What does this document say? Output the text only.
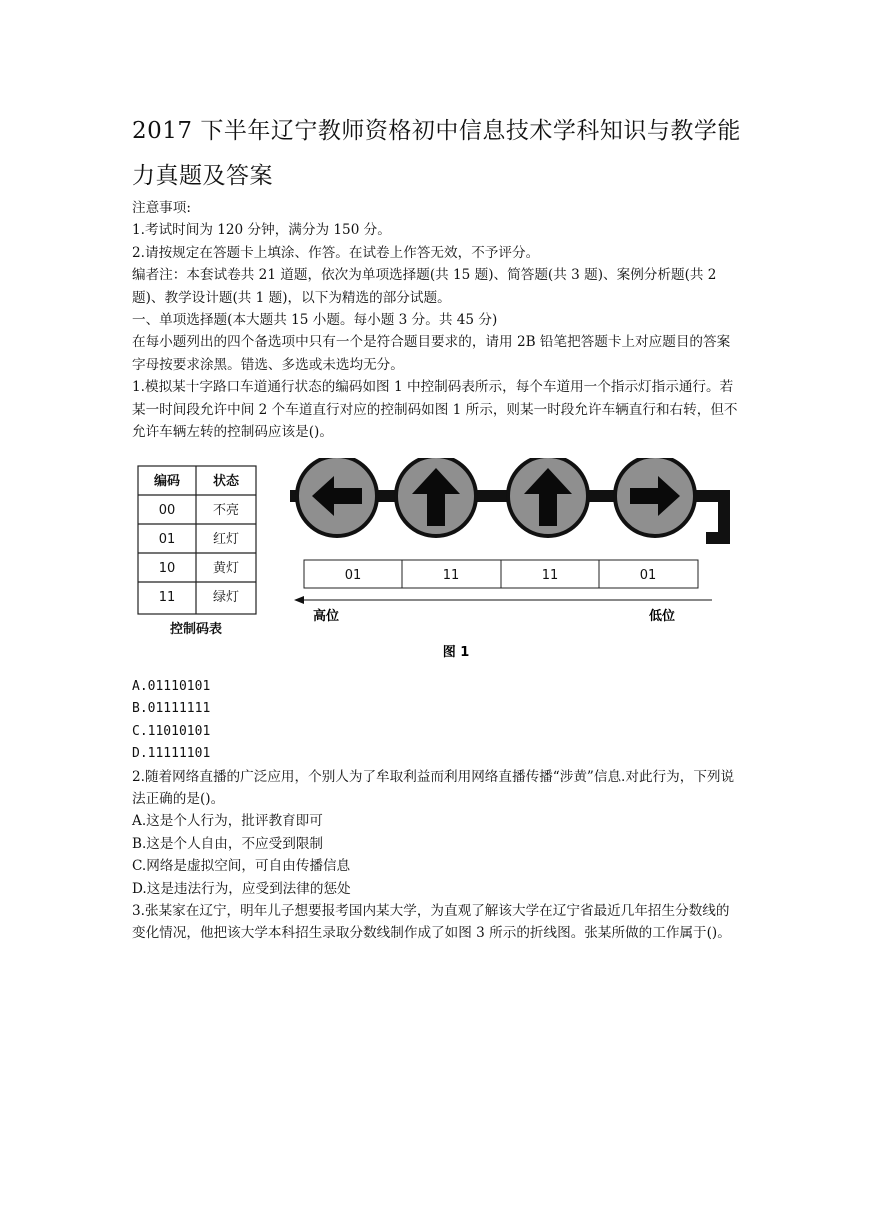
2017 下半年辽宁教师资格初中信息技术学科知识与教学能
力真题及答案

注意事项:

1.考试时间为 120 分钟，满分为 150 分。

2.请按规定在答题卡上填涂、作答。在试卷上作答无效，不予评分。

编者注：本套试卷共 21 道题，依次为单项选择题(共 15 题)、简答题(共 3 题)、案例分析题(共 2 题)、教学设计题(共 1 题)，以下为精选的部分试题。

一、单项选择题(本大题共 15 小题。每小题 3 分。共 45 分)

在每小题列出的四个备选项中只有一个是符合题目要求的，请用 2B 铅笔把答题卡上对应题目的答案字母按要求涂黑。错选、多选或未选均无分。

1.模拟某十字路口车道通行状态的编码如图 1 中控制码表所示，每个车道用一个指示灯指示通行。若某一时间段允许中间 2 个车道直行对应的控制码如图 1 所示，则某一时段允许车辆直行和右转，但不允许车辆左转的控制码应该是()。

编码	状态
00	不亮
01	红灯
10	黄灯
11	绿灯
控制码表
01	11	11	01
高位	低位
图 1

A.01110101

B.01111111

C.11010101

D.11111101

2.随着网络直播的广泛应用，个别人为了牟取利益而利用网络直播传播“涉黄”信息.对此行为，下列说法正确的是()。

A.这是个人行为，批评教育即可

B.这是个人自由，不应受到限制

C.网络是虚拟空间，可自由传播信息

D.这是违法行为，应受到法律的惩处

3.张某家在辽宁，明年儿子想要报考国内某大学，为直观了解该大学在辽宁省最近几年招生分数线的变化情况，他把该大学本科招生录取分数线制作成了如图 3 所示的折线图。张某所做的工作属于()。
